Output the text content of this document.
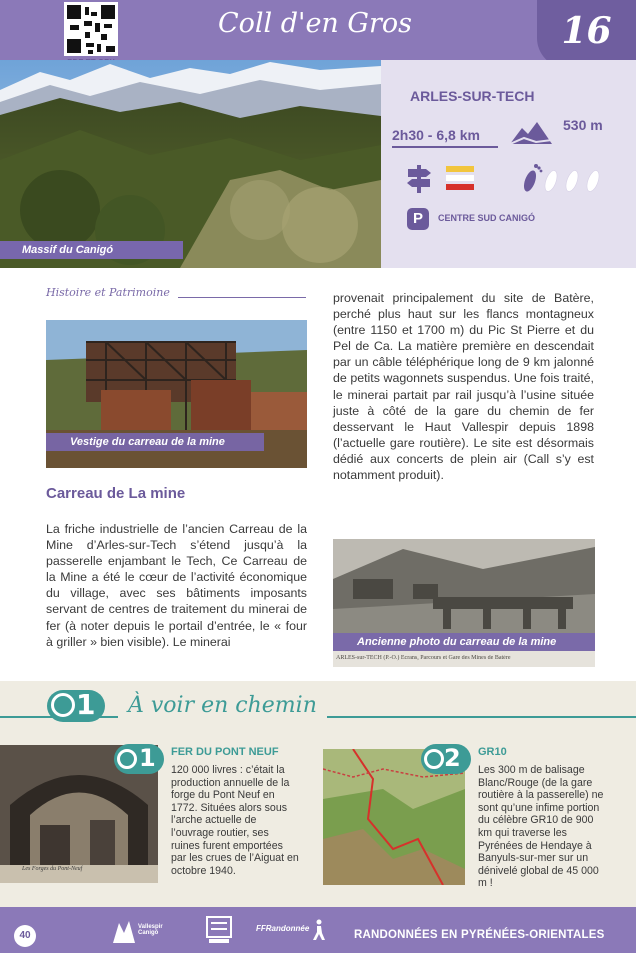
Coll d'en Gros	16
Massif du Canigó
ARLES-SUR-TECH
2h30 - 6,8 km
530 m
P	CENTRE SUD CANIGÓ
Histoire et Patrimoine
Vestige du carreau de la mine
Carreau de La mine
La friche industrielle de l’ancien Carreau de la Mine d’Arles-sur-Tech s’étend jusqu’à la passerelle enjambant le Tech, Ce Carreau de la Mine a été le cœur de l’activité économique du village, avec ses bâtiments imposants servant de centres de traitement du minerai de fer (à noter depuis le portail d’entrée, le « four à griller » bien visible). Le minerai
provenait principalement du site de Batère, perché plus haut sur les flancs montagneux (entre 1150 et 1700 m) du Pic St Pierre et du Pel de Ca. La matière première en descendait par un câble téléphérique long de 9 km jalonné de petits wagonnets suspendus. Une fois traité, le minerai partait par rail jusqu’à l’usine située juste à côté de la gare du chemin de fer desservant le Haut Vallespir depuis 1898 (l’actuelle gare routière). Le site est désormais dédié aux concerts de plein air (Call s’y est notamment produit).
Ancienne photo du carreau de la mine
ARLES-sur-TECH (P.-O.) Ecrans, Parcours et Gare des Mines de Batère
1	À voir en chemin
Les Forges du Pont-Neuf
1 FER DU PONT NEUF
120 000 livres : c’était la production annuelle de la forge du Pont Neuf en 1772. Situées alors sous l’arche actuelle de l’ouvrage routier, ses ruines furent emportées par les crues de l’Aiguat en octobre 1940.
2 GR10
Les 300 m de balisage Blanc/Rouge (de la gare routière à la passerelle) ne sont qu’une infime portion du célèbre GR10 de 900 km qui traverse les Pyrénées de Hendaye à Banyuls-sur-mer sur un dénivelé global de 45 000 m !
40
Vallespir Canigó	FFRandonnée
RANDONNÉES EN PYRÉNÉES-ORIENTALES
